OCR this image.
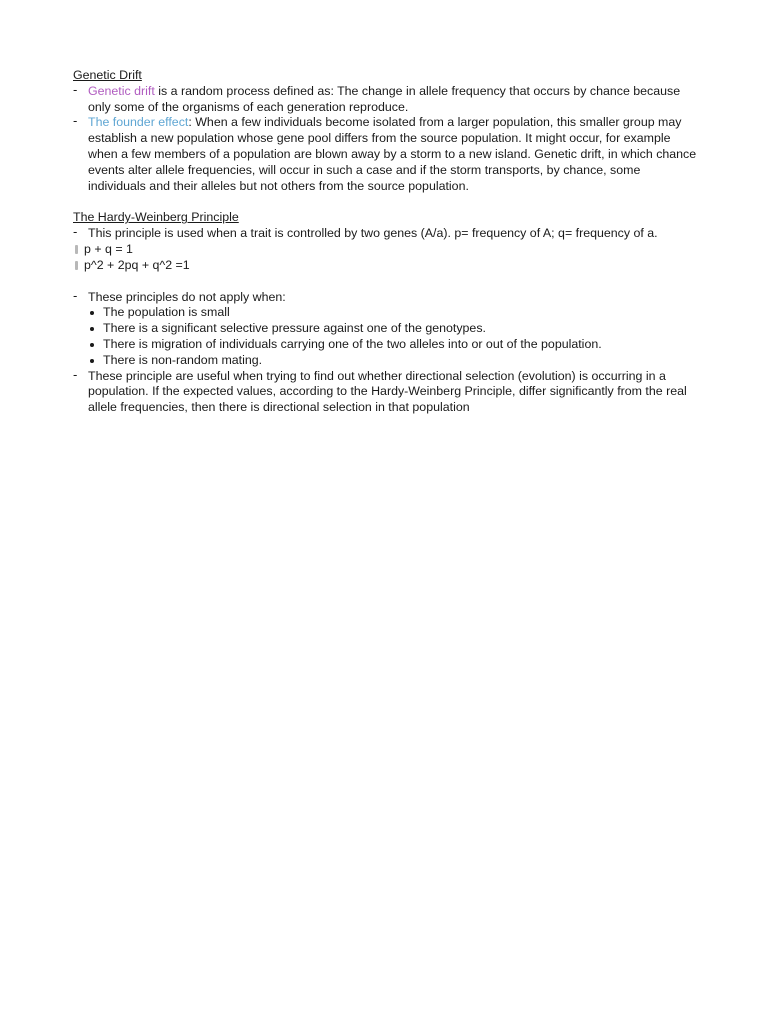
Genetic Drift
- Genetic drift is a random process defined as: The change in allele frequency that occurs by chance because only some of the organisms of each generation reproduce.
- The founder effect: When a few individuals become isolated from a larger population, this smaller group may establish a new population whose gene pool differs from the source population. It might occur, for example when a few members of a population are blown away by a storm to a new island. Genetic drift, in which chance events alter allele frequencies, will occur in such a case and if the storm transports, by chance, some individuals and their alleles but not others from the source population.
The Hardy-Weinberg Principle
- This principle is used when a trait is controlled by two genes (A/a). p= frequency of A; q= frequency of a.
p + q = 1
p^2 + 2pq + q^2 =1
- These principles do not apply when:
The population is small
There is a significant selective pressure against one of the genotypes.
There is migration of individuals carrying one of the two alleles into or out of the population.
There is non-random mating.
- These principle are useful when trying to find out whether directional selection (evolution) is occurring in a population. If the expected values, according to the Hardy-Weinberg Principle, differ significantly from the real allele frequencies, then there is directional selection in that population
